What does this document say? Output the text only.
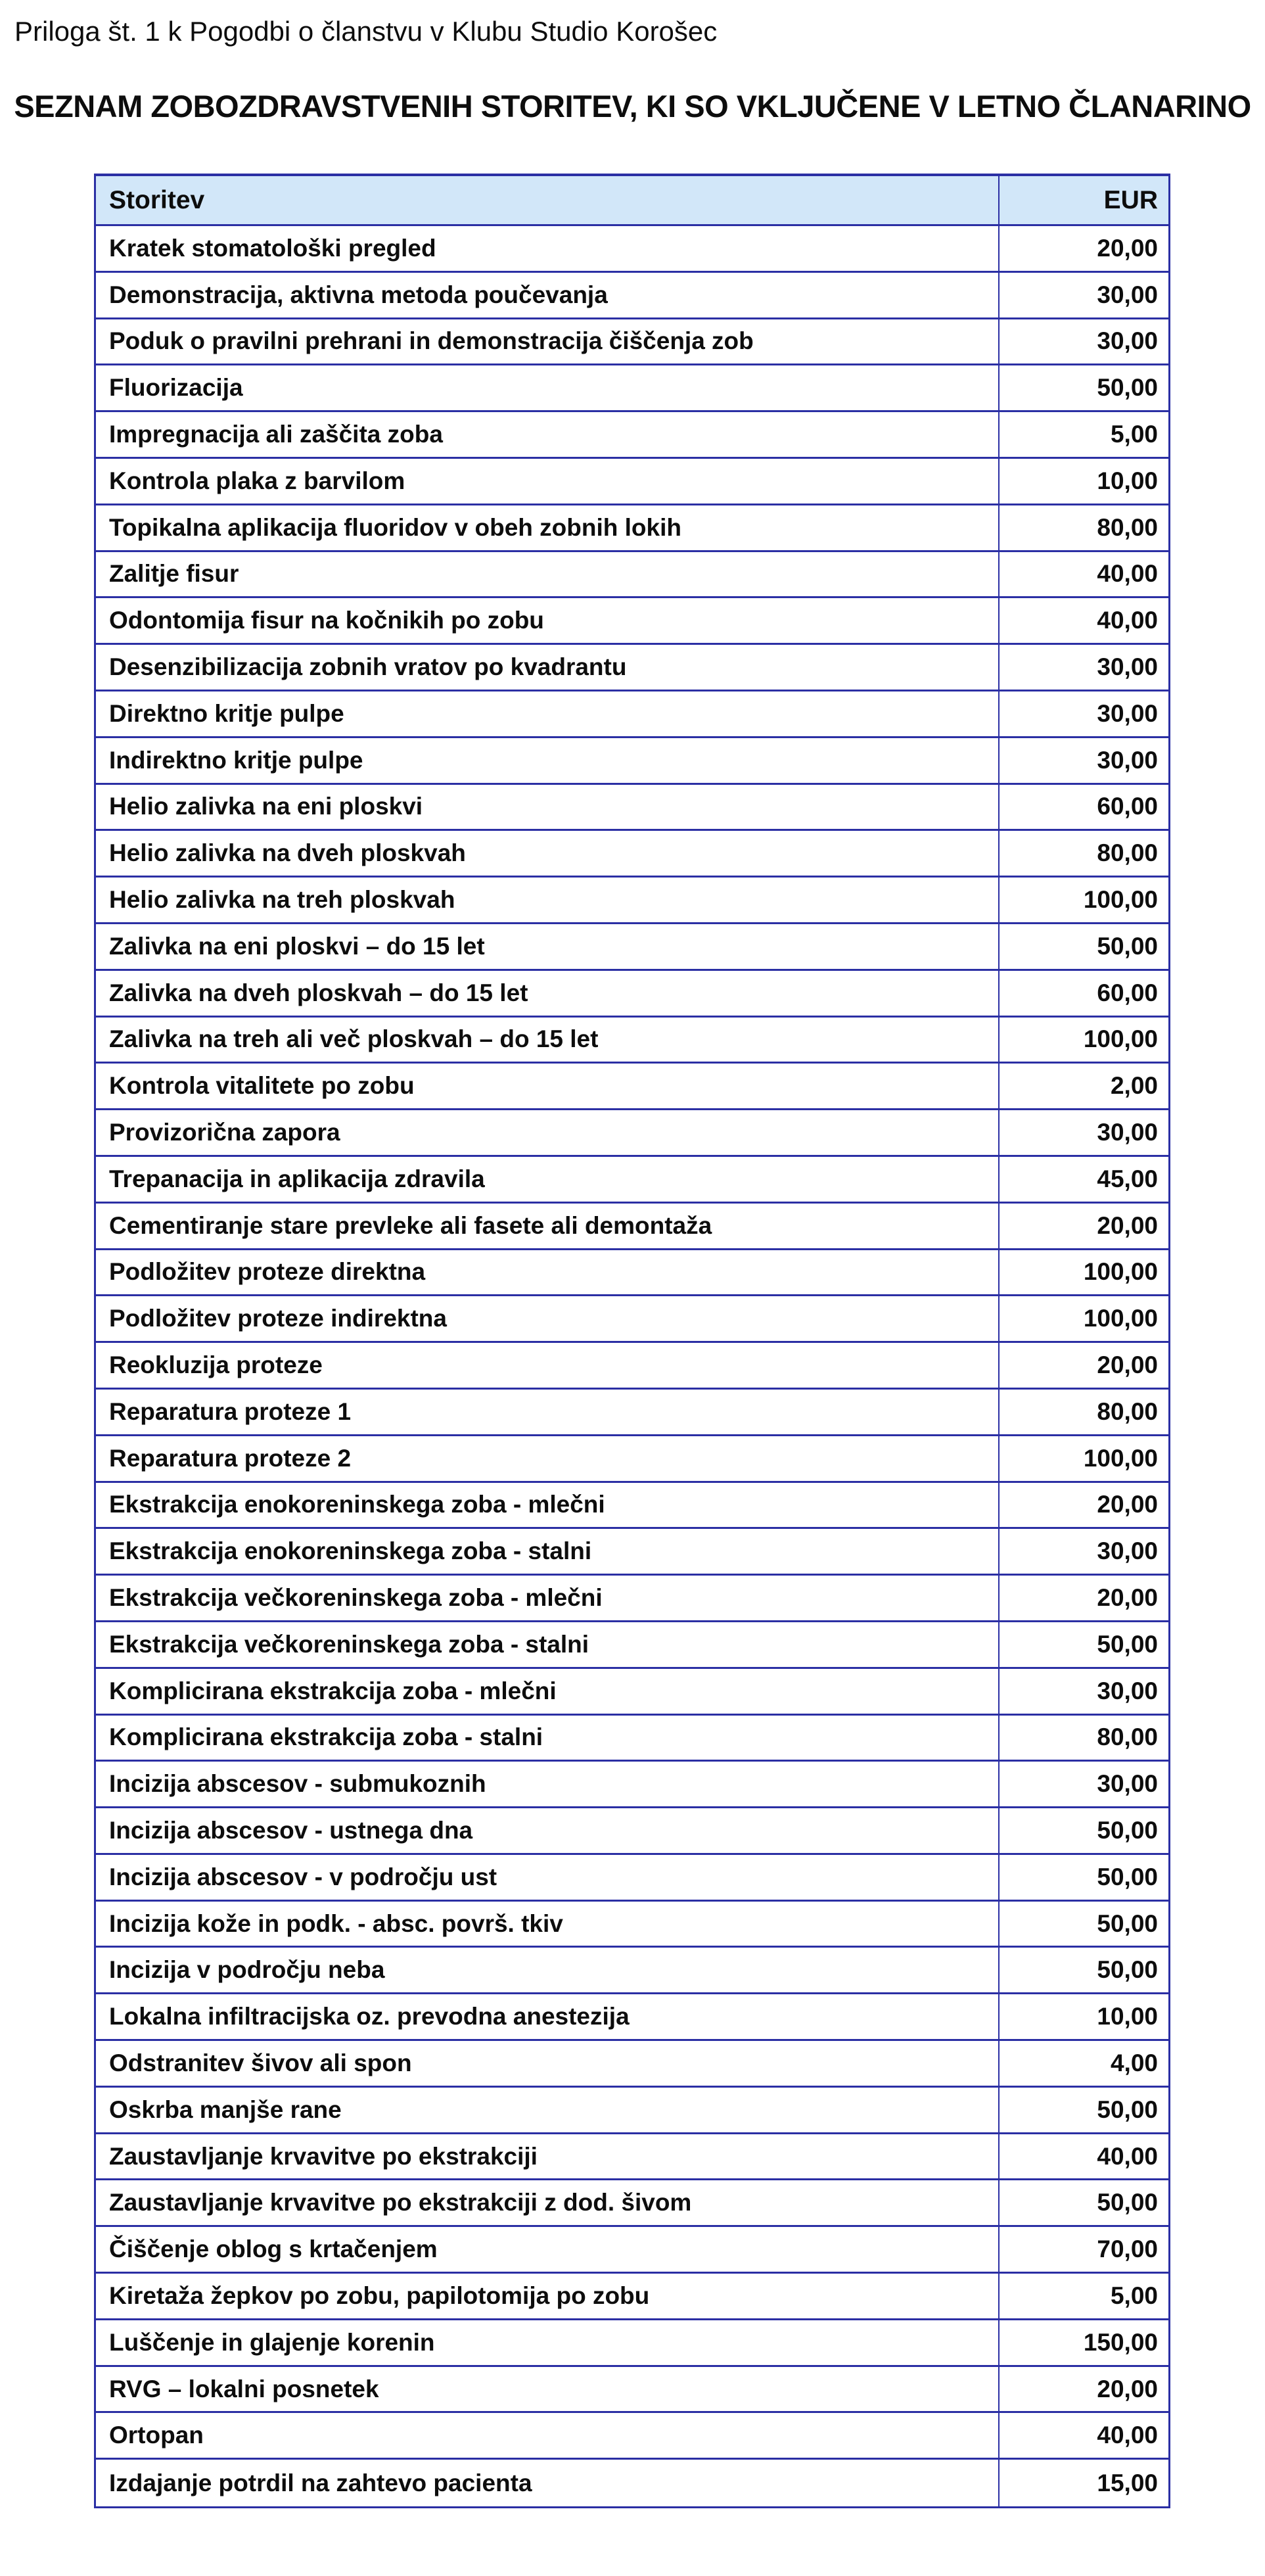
Priloga št. 1 k Pogodbi o članstvu v Klubu Studio Korošec
SEZNAM ZOBOZDRAVSTVENIH STORITEV, KI SO VKLJUČENE V LETNO ČLANARINO
Storitev	EUR
Kratek stomatološki pregled	20,00
Demonstracija, aktivna metoda poučevanja	30,00
Poduk o pravilni prehrani in demonstracija čiščenja zob	30,00
Fluorizacija	50,00
Impregnacija ali zaščita zoba	5,00
Kontrola plaka z barvilom	10,00
Topikalna aplikacija fluoridov v obeh zobnih lokih	80,00
Zalitje fisur	40,00
Odontomija fisur na kočnikih po zobu	40,00
Desenzibilizacija zobnih vratov po kvadrantu	30,00
Direktno kritje pulpe	30,00
Indirektno kritje pulpe	30,00
Helio zalivka na eni ploskvi	60,00
Helio zalivka na dveh ploskvah	80,00
Helio zalivka na treh ploskvah	100,00
Zalivka na eni ploskvi – do 15 let	50,00
Zalivka na dveh ploskvah – do 15 let	60,00
Zalivka na treh ali več ploskvah – do 15 let	100,00
Kontrola vitalitete po zobu	2,00
Provizorična zapora	30,00
Trepanacija in aplikacija zdravila	45,00
Cementiranje stare prevleke ali fasete ali demontaža	20,00
Podložitev proteze direktna	100,00
Podložitev proteze indirektna	100,00
Reokluzija proteze	20,00
Reparatura proteze 1	80,00
Reparatura proteze 2	100,00
Ekstrakcija enokoreninskega zoba - mlečni	20,00
Ekstrakcija enokoreninskega zoba - stalni	30,00
Ekstrakcija večkoreninskega zoba - mlečni	20,00
Ekstrakcija večkoreninskega zoba - stalni	50,00
Komplicirana ekstrakcija zoba - mlečni	30,00
Komplicirana ekstrakcija zoba - stalni	80,00
Incizija abscesov - submukoznih	30,00
Incizija abscesov - ustnega dna	50,00
Incizija abscesov - v področju ust	50,00
Incizija kože in podk. - absc. površ. tkiv	50,00
Incizija v področju neba	50,00
Lokalna infiltracijska oz. prevodna anestezija	10,00
Odstranitev šivov ali spon	4,00
Oskrba manjše rane	50,00
Zaustavljanje krvavitve po ekstrakciji	40,00
Zaustavljanje krvavitve po ekstrakciji z dod. šivom	50,00
Čiščenje oblog s krtačenjem	70,00
Kiretaža žepkov po zobu, papilotomija po zobu	5,00
Luščenje in glajenje korenin	150,00
RVG – lokalni posnetek	20,00
Ortopan	40,00
Izdajanje potrdil na zahtevo pacienta	15,00
